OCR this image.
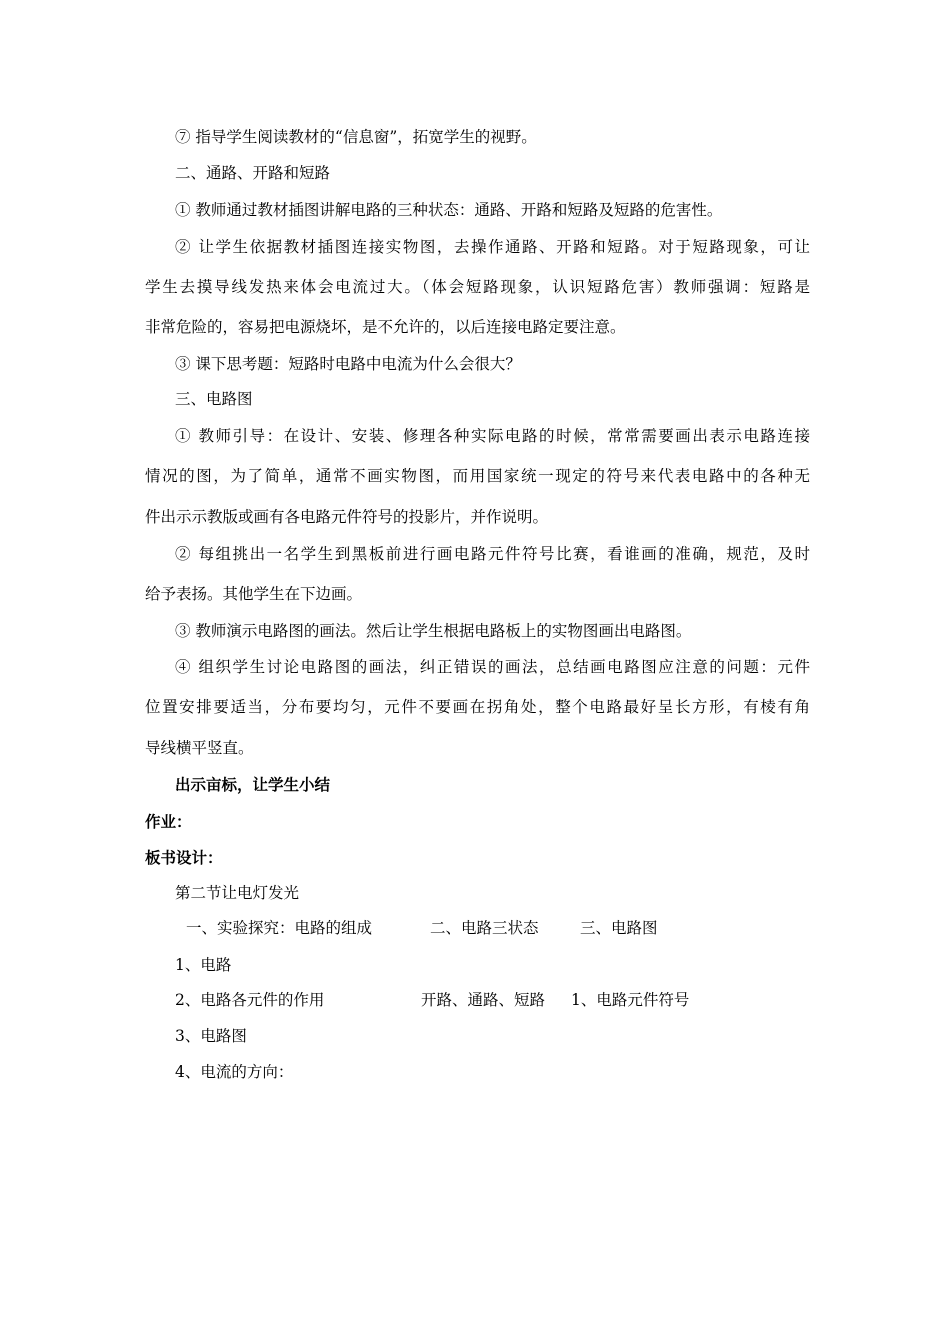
⑦ 指导学生阅读教材的“信息窗”，拓宽学生的视野。
二、通路、开路和短路
① 教师通过教材插图讲解电路的三种状态：通路、开路和短路及短路的危害性。
② 让学生依据教材插图连接实物图，去操作通路、开路和短路。对于短路现象，可让
学生去摸导线发热来体会电流过大。（体会短路现象，认识短路危害）教师强调：短路是
非常危险的，容易把电源烧坏，是不允许的，以后连接电路定要注意。
③ 课下思考题：短路时电路中电流为什么会很大？
三、电路图
① 教师引导：在设计、安装、修理各种实际电路的时候，常常需要画出表示电路连接
情况的图，为了简单，通常不画实物图，而用国家统一现定的符号来代表电路中的各种无
件出示示教版或画有各电路元件符号的投影片，并作说明。
② 每组挑出一名学生到黑板前进行画电路元件符号比赛，看谁画的准确，规范，及时
给予表扬。其他学生在下边画。
③ 教师演示电路图的画法。然后让学生根据电路板上的实物图画出电路图。
④ 组织学生讨论电路图的画法，纠正错误的画法，总结画电路图应注意的问题：元件
位置安排要适当，分布要均匀，元件不要画在拐角处，整个电路最好呈长方形，有棱有角
导线横平竖直。
出示亩标，让学生小结
作业：
板书设计：
第二节让电灯发光
一、实验探究：电路的组成	二、电路三状态	三、电路图
1、电路
2、电路各元件的作用	开路、通路、短路 1、电路元件符号
3、电路图
4、电流的方向：
